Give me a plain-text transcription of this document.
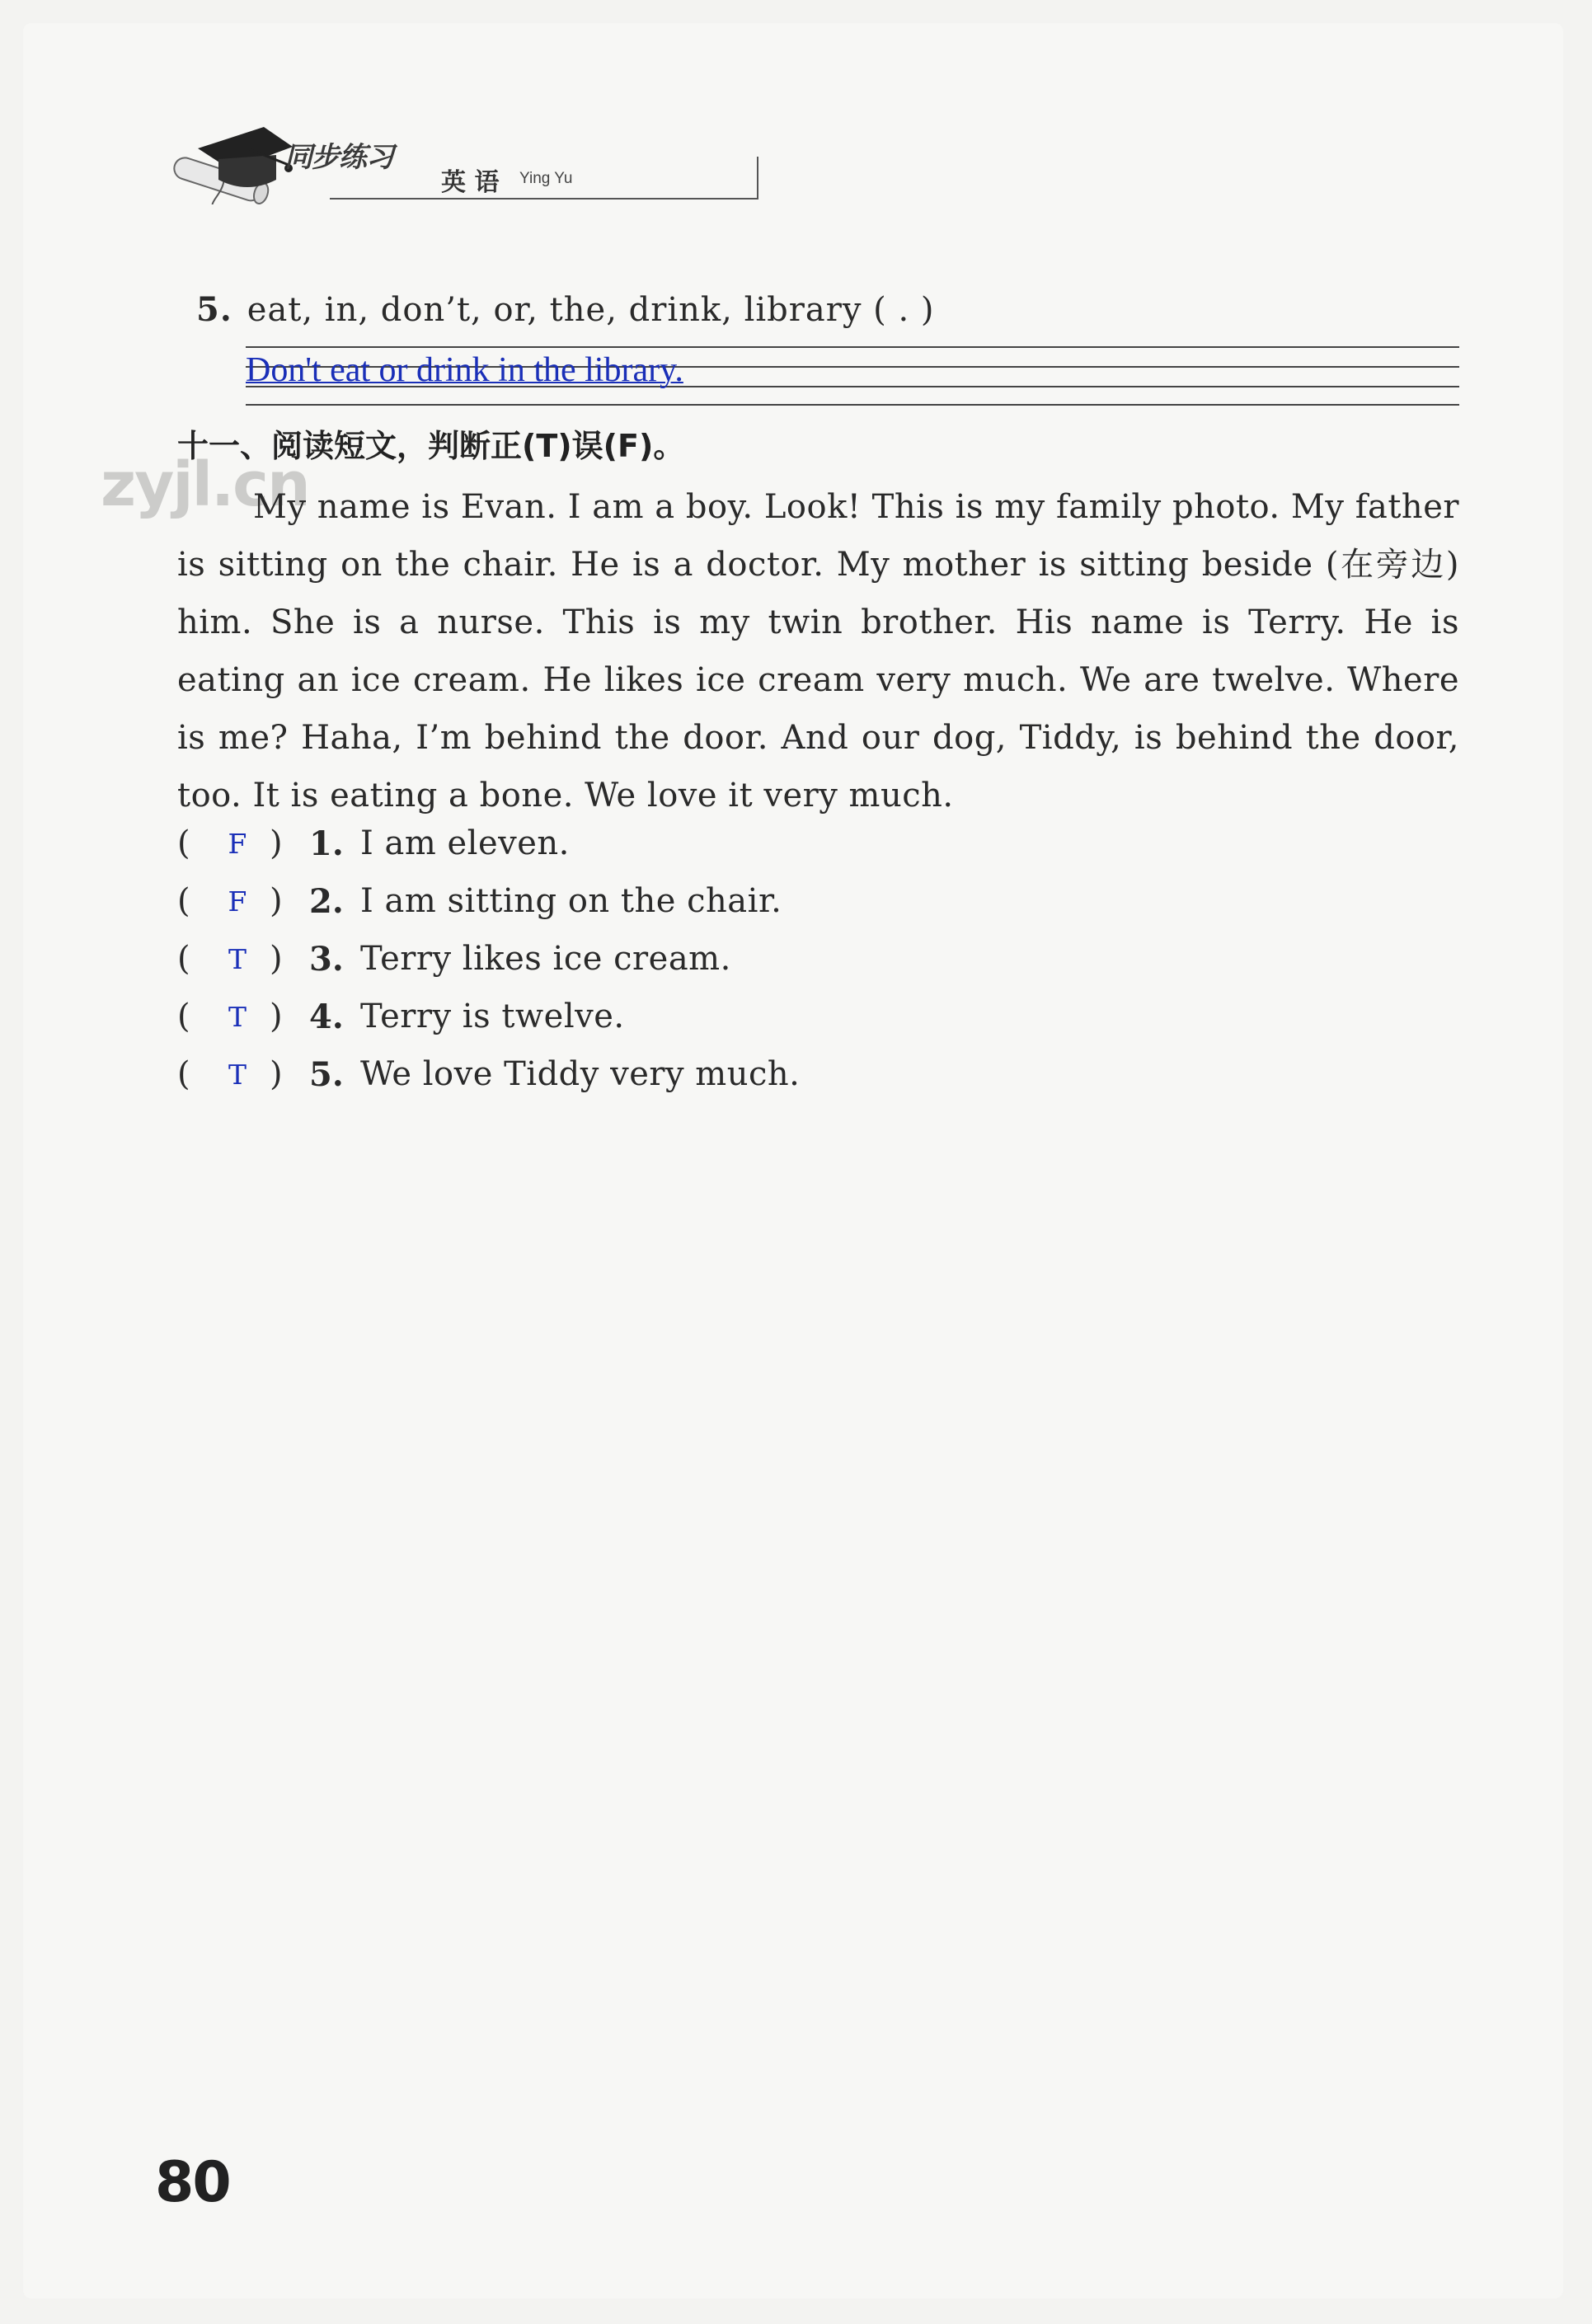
同步练习
英 语 Ying Yu
5. eat, in, don’t, or, the, drink, library ( . )
Don't eat or drink in the library.
十一、阅读短文，判断正(T)误(F)。
zyjl.cn
My name is Evan. I am a boy. Look! This is my family photo. My father is sitting on the chair. He is a doctor. My mother is sitting beside (在旁边) him. She is a nurse. This is my twin brother. His name is Terry. He is eating an ice cream. He likes ice cream very much. We are twelve. Where is me? Haha, I’m behind the door. And our dog, Tiddy, is behind the door, too. It is eating a bone. We love it very much.
( F ) 1. I am eleven.
( F ) 2. I am sitting on the chair.
( T ) 3. Terry likes ice cream.
( T ) 4. Terry is twelve.
( T ) 5. We love Tiddy very much.
80
